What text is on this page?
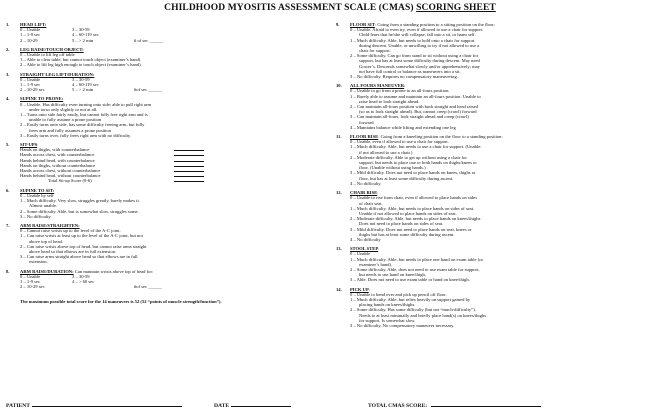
CHILDHOOD MYOSITIS ASSESSMENT SCALE (CMAS) SCORING SHEET
1.	HEAD LIFT:
0 – Unable	3 – 30-59
1 – 1-9 sec	4 – 60-119 sec
2 – 10-29	5 – > 2 min	# of sec ______
2.	LEG RAISE/TOUCH OBJECT:
0 – Unable to lift leg off table
1 – Able to clear table, but cannot touch object (examiner’s hand)
2 – Able to lift leg high enough to touch object (examiner’s hand)
3.	STRAIGHT LEG LIFT/DURATION:
0 – Unable	3 – 30-59
1 – 1-9 sec	4 – 60-119 sec
2 – 10-29 sec	5 – > 2 min	#of sec ______
4.	SUPINE TO PRONE:
0 – Unable. Has difficulty even turning onto side; able to pull right arm
under torso only slightly or not at all.
1 – Turns onto side fairly easily, but cannot fully free right arm and is
unable to fully assume a prone position
2 – Easily turns onto side, has some difficulty freeing arm, but fully
frees arm and fully assumes a prone position
3 – Easily turns over, fully frees right arm with no difficulty.
5.	SIT-UPS:
Hands on thighs, with counterbalance
Hands across chest, with counterbalance
Hands behind head, with counterbalance
Hands on thighs, without counterbalance
Hands across chest, without counterbalance
Hands behind head, without counterbalance
Total Sit-up Score (0-6)
6.	SUPINE TO SIT:
0 – Unable by self
1 – Much difficulty. Very slow, struggles greatly, barely makes it.
Almost unable.
2 – Some difficulty. Able, but is somewhat slow, struggles some.
3 – No difficulty
7.	ARM RAISE/STRAIGHTEN:
0 – Cannot raise wrists up to the level of the A-C joint.
1 – Can raise wrists at least up to the level of the A-C joint, but not
above top of head.
2 – Can raise wrists above top of head, but cannot raise arms straight
above head so that elbows are in full extension.
3 – Can raise arms straight above head so that elbows are in full
extension.
8.	ARM RAISE/DURATION: Can maintain wrists above top of head for:
0 – Unable	3 – 30-59
1 – 1-9 sec	4 – > 60 sec
2 – 10-29 sec	#of sec ______
The maximum possible total score for the 14 maneuvers is 52 (52 “points of muscle strength/function”).
9.	FLOOR SIT: Going from a standing position to a sitting position on the floor:
0 – Unable. Afraid to even try, even if allowed to use a chair for support.
Child fears that he/she will collapse, fall into a sit, or harm self.
1 – Much difficulty. Able, but needs to hold onto a chair for support
during descent. Unable, or unwilling to try if not allowed to use a
chair for support.
2 – Some difficulty. Can go from stand to sit without using a chair for
support, but has at least some difficulty during descent. May need
Gower’s. Descends somewhat slowly and/or apprehensively; may
not have full control or balance as maneuvers into a sit.
3 – No difficulty. Requires no compensatory maneuvering.
10.	ALL FOURS MANEUVER:
0 – Unable to go from a prone to an all-fours position.
1 – Barely able to assume and maintain an all-fours position. Unable to
raise head to look straight ahead.
2 – Can maintain all-fours position with back straight and head raised
(so as to look straight ahead). But, cannot creep (crawl) forward
3 – Can maintain all-fours, look straight ahead and creep (crawl)
forward
4 – Maintains balance while lifting and extending one leg
11.	FLOOR RISE: Going from a kneeling position on the floor to a standing position:
0 – Unable, even if allowed to use a chair for support.
1 – Much difficulty. Able, but needs to use a chair for support. (Unable:
if not allowed to use a chair.)
2 – Moderate difficulty. Able to get up without using a chair for
support, but needs to place one or both hands on thighs/knees or
floor. (Unable without using hands.)
3 – Mild difficulty. Does not need to place hands on knees, thighs or
floor, but has at least some difficulty during ascent.
4 – No difficulty.
12.	CHAIR RISE:
0 – Unable to rise from chair, even if allowed to place hands on sides
of chair seat.
1 – Much difficulty. Able, but needs to place hands on sides of seat.
Unable if not allowed to place hands on sides of seat.
2 – Moderate difficulty. Able, but needs to place hands on knees/thighs
Does not need to place hands on sides of seat.
3 – Mild difficulty. Does not need to place hands on seat, knees or
thighs but has at least some difficulty during ascent.
4 – No difficulty
13.	STOOL STEP:
0 – Unable
1 – Much difficulty. Able, but needs to place one hand on exam table (or
examiner’s hand).
2 – Some difficulty. Able, does not need to use exam table for support,
but needs to use hand on knee/thigh.
3 – Able. Does not need to use exam table or hand on knee/thigh.
14.	PICK UP:
0 – Unable to bend over and pick up pencil off floor.
1 – Much difficulty. Able, but relies heavily on support gained by
placing hands on knees/thighs.
2 – Some difficulty. Has some difficulty (but not “much-difficulty”).
Needs to at least minimally and briefly place hand(s) on knees/thighs
for support. Is somewhat slow.
3 – No difficulty. No compensatory maneuver necessary.
PATIENT	DATE	TOTAL CMAS SCORE:
